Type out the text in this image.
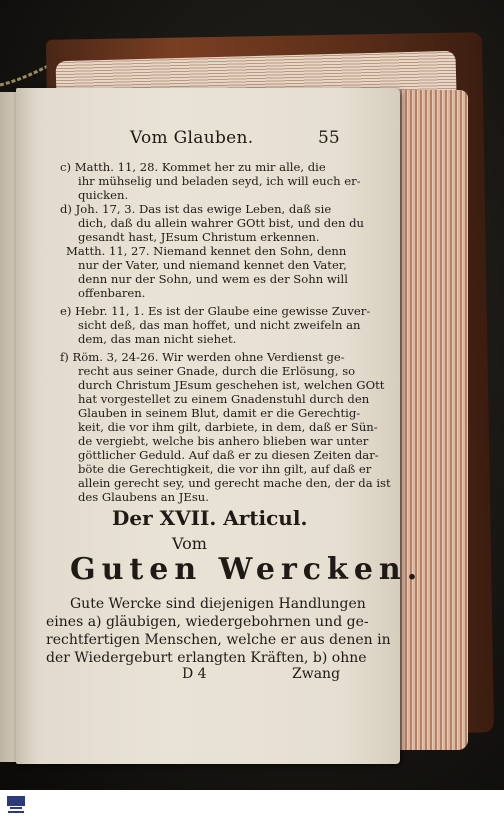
Vom Glauben.	55
c) Matth. 11, 28. Kommet her zu mir alle, die
ihr mühselig und beladen seyd, ich will euch er-
quicken.
d) Joh. 17, 3. Das ist das ewige Leben, daß sie
dich, daß du allein wahrer GOtt bist, und den du
gesandt hast, JEsum Christum erkennen.
Matth. 11, 27. Niemand kennet den Sohn, denn
nur der Vater, und niemand kennet den Vater,
denn nur der Sohn, und wem es der Sohn will
offenbaren.
e) Hebr. 11, 1. Es ist der Glaube eine gewisse Zuver-
sicht deß, das man hoffet, und nicht zweifeln an
dem, das man nicht siehet.
f) Röm. 3, 24-26. Wir werden ohne Verdienst ge-
recht aus seiner Gnade, durch die Erlösung, so
durch Christum JEsum geschehen ist, welchen GOtt
hat vorgestellet zu einem Gnadenstuhl durch den
Glauben in seinem Blut, damit er die Gerechtig-
keit, die vor ihm gilt, darbiete, in dem, daß er Sün-
de vergiebt, welche bis anhero blieben war unter
göttlicher Geduld. Auf daß er zu diesen Zeiten dar-
böte die Gerechtigkeit, die vor ihn gilt, auf daß er
allein gerecht sey, und gerecht mache den, der da ist
des Glaubens an JEsu.
Der XVII. Articul.
Vom
Guten Wercken.
Gute Wercke sind diejenigen Handlungen
eines a) gläubigen, wiedergebohrnen und ge-
rechtfertigen Menschen, welche er aus denen in
der Wiedergeburt erlangten Kräften, b) ohne
D 4	Zwang
